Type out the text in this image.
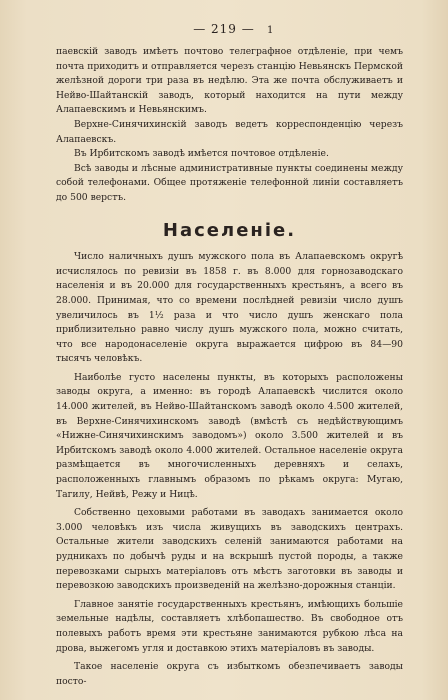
— 219 —	1

паевскій заводъ имѣетъ почтово телеграфное отдѣленіе, при чемъ почта приходитъ и отправляется черезъ станцію Невьянскъ Пермской желѣзной дороги три раза въ недѣлю. Эта же почта обслуживаетъ и Нейво-Шайтанскій заводъ, который находится на пути между Алапаевскимъ и Невьянскимъ.

Верхне-Синячихинскій заводъ ведетъ корреспонденцію черезъ Алапаевскъ.

Въ Ирбитскомъ заводѣ имѣется почтовое отдѣленіе.

Всѣ заводы и лѣсные административные пункты соединены между собой телефонами. Общее протяженіе телефонной линіи составляетъ до 500 верстъ.

Населеніе.

Число наличныхъ душъ мужского пола въ Алапаевскомъ округѣ исчислялось по ревизіи въ 1858 г. въ 8.000 для горнозаводскаго населенія и въ 20.000 для государственныхъ крестьянъ, а всего въ 28.000. Принимая, что со времени послѣдней ревизіи число душъ увеличилось въ 1½ раза и что число душъ женскаго пола приблизительно равно числу душъ мужского пола, можно считать, что все народонаселеніе округа выражается цифрою въ 84—90 тысячъ человѣкъ.

Наиболѣе густо населены пункты, въ которыхъ расположены заводы округа, а именно: въ городѣ Алапаевскѣ числится около 14.000 жителей, въ Нейво-Шайтанскомъ заводѣ около 4.500 жителей, въ Верхне-Синячихинскомъ заводѣ (вмѣстѣ съ недѣйствующимъ «Нижне-Синячихинскимъ заводомъ») около 3.500 жителей и въ Ирбитскомъ заводѣ около 4.000 жителей. Остальное населеніе округа размѣщается въ многочисленныхъ деревняхъ и селахъ, расположенныхъ главнымъ образомъ по рѣкамъ округа: Мугаю, Тагилу, Нейвѣ, Режу и Ницѣ.

Собственно цеховыми работами въ заводахъ занимается около 3.000 человѣкъ изъ числа живущихъ въ заводскихъ центрахъ. Остальные жители заводскихъ селеній занимаются работами на рудникахъ по добычѣ руды и на вскрышѣ пустой породы, а также перевозками сырыхъ матеріаловъ отъ мѣстъ заготовки въ заводы и перевозкою заводскихъ произведеній на желѣзно-дорожныя станціи.

Главное занятіе государственныхъ крестьянъ, имѣющихъ большіе земельные надѣлы, составляетъ хлѣбопашество. Въ свободное отъ полевыхъ работъ время эти крестьяне занимаются рубкою лѣса на дрова, выжегомъ угля и доставкою этихъ матеріаловъ въ заводы.

Такое населеніе округа съ избыткомъ обезпечиваетъ заводы посто-
